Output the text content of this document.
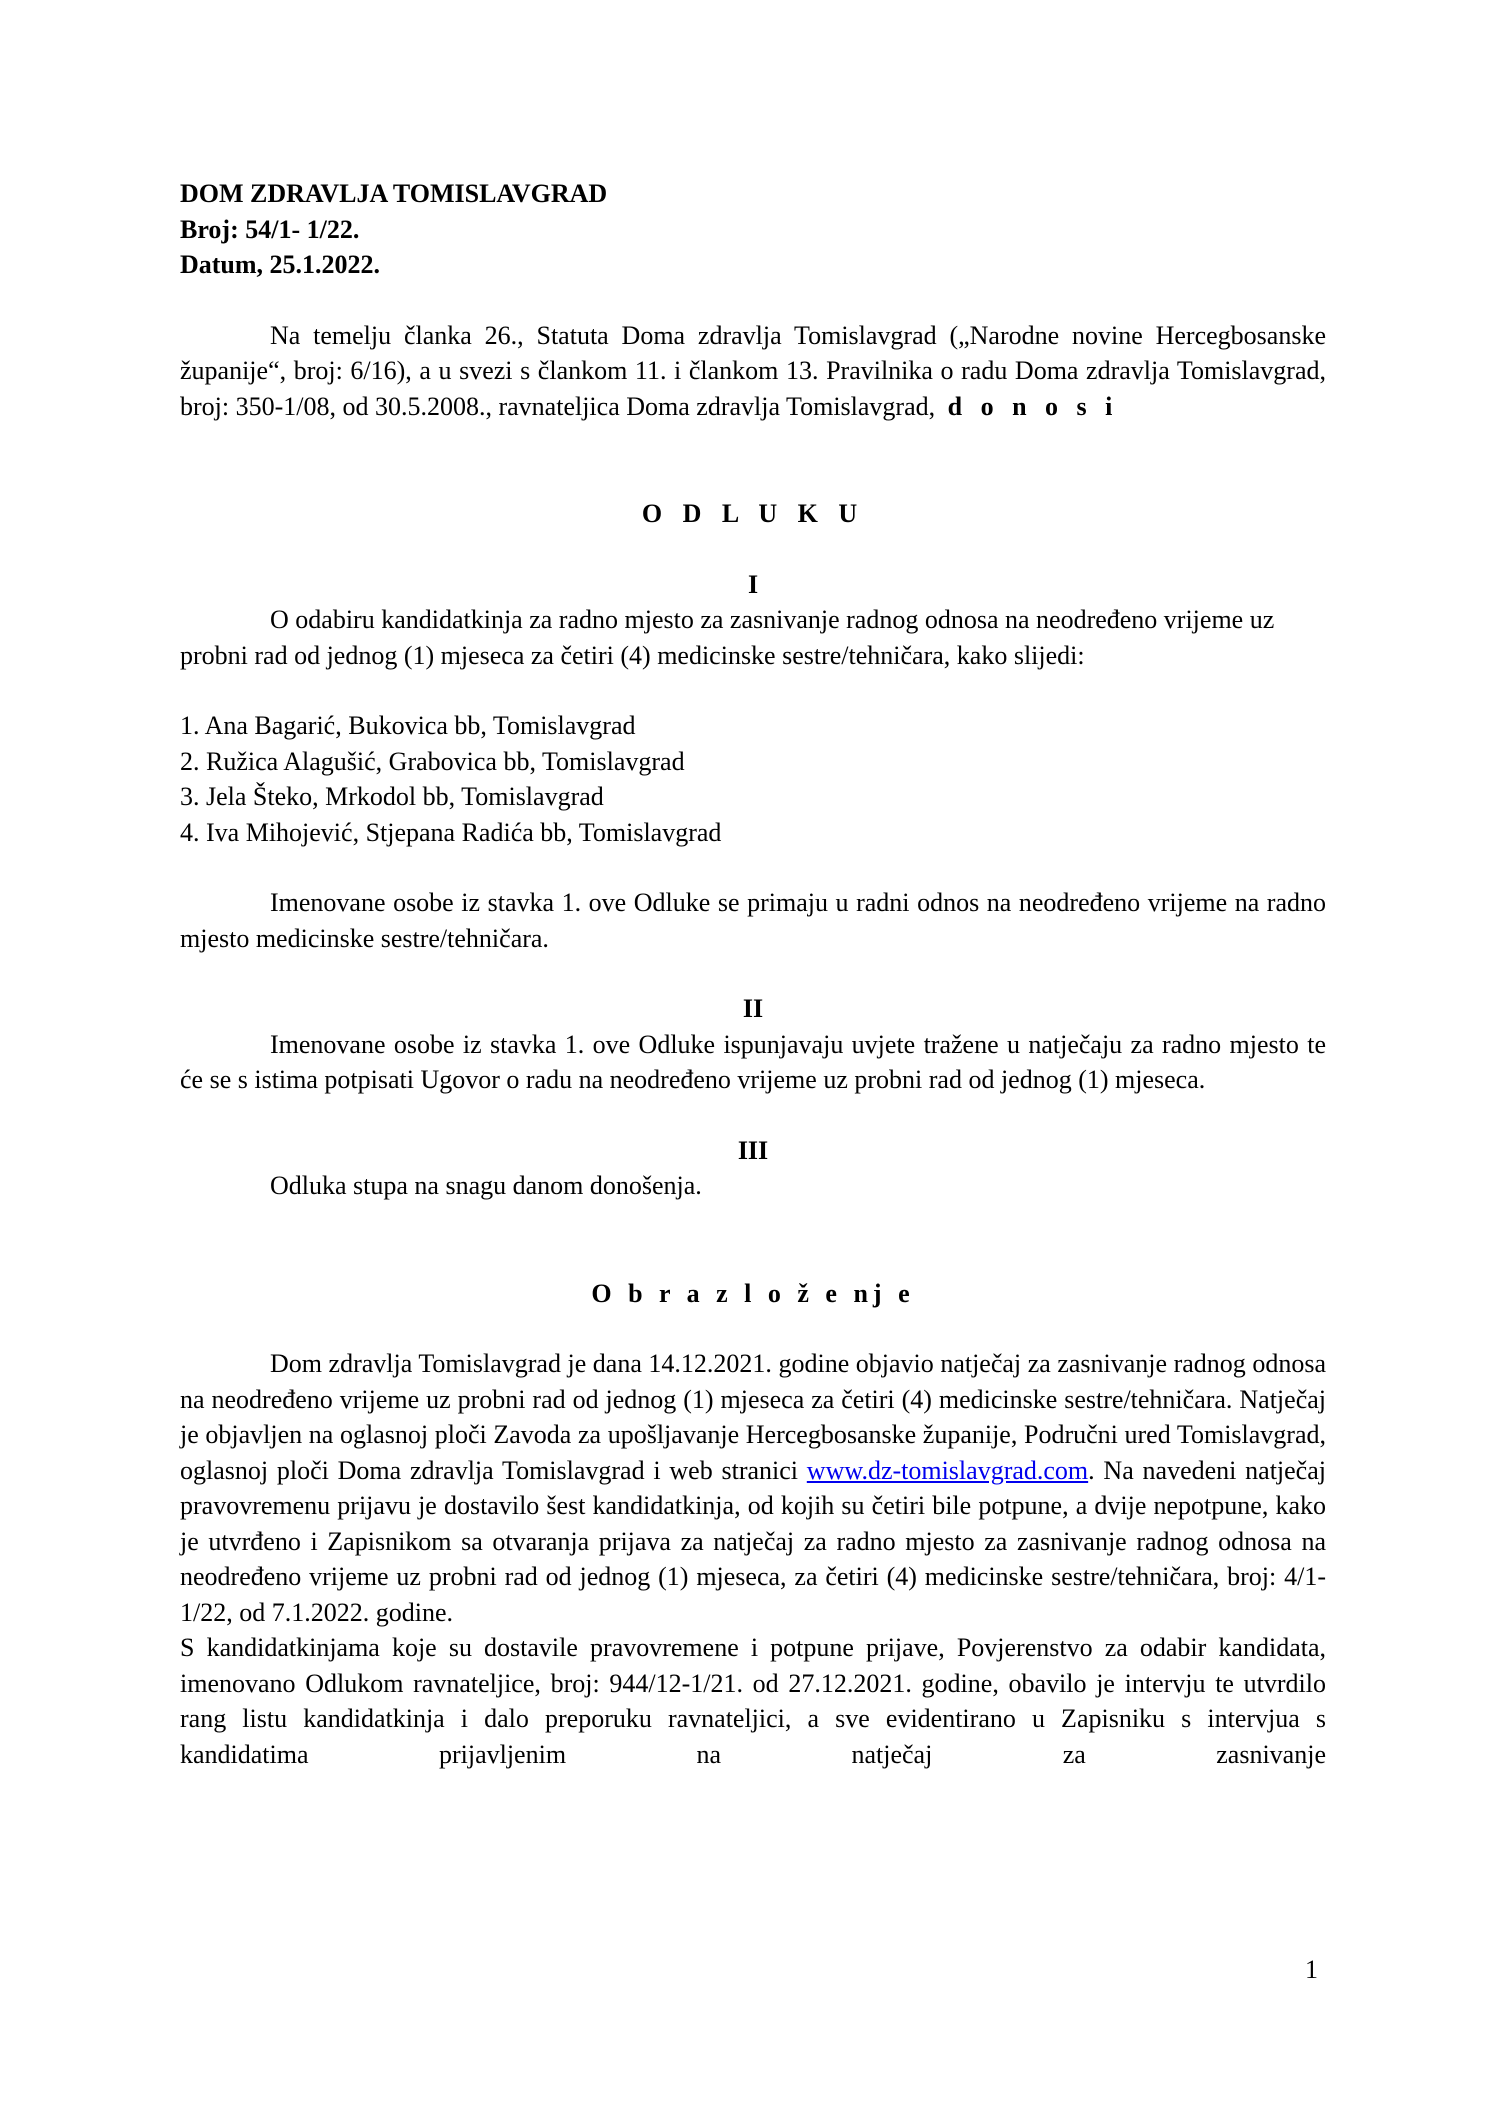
DOM ZDRAVLJA TOMISLAVGRAD
Broj: 54/1- 1/22.
Datum, 25.1.2022.

Na temelju članka 26., Statuta Doma zdravlja Tomislavgrad („Narodne novine Hercegbosanske županije“, broj: 6/16), a u svezi s člankom 11. i člankom 13. Pravilnika o radu Doma zdravlja Tomislavgrad, broj: 350-1/08, od 30.5.2008., ravnateljica Doma zdravlja Tomislavgrad, d o n o s i

O D L U K U
I

O odabiru kandidatkinja za radno mjesto za zasnivanje radnog odnosa na neodređeno vrijeme uz probni rad od jednog (1) mjeseca za četiri (4) medicinske sestre/tehničara, kako slijedi:

1. Ana Bagarić, Bukovica bb, Tomislavgrad
2. Ružica Alagušić, Grabovica bb, Tomislavgrad
3. Jela Šteko, Mrkodol bb, Tomislavgrad
4. Iva Mihojević, Stjepana Radića bb, Tomislavgrad

Imenovane osobe iz stavka 1. ove Odluke se primaju u radni odnos na neodređeno vrijeme na radno mjesto medicinske sestre/tehničara.

II

Imenovane osobe iz stavka 1. ove Odluke ispunjavaju uvjete tražene u natječaju za radno mjesto te će se s istima potpisati Ugovor o radu na neodređeno vrijeme uz probni rad od jednog (1) mjeseca.

III

Odluka stupa na snagu danom donošenja.

O b r a z l o ž e nj e

Dom zdravlja Tomislavgrad je dana 14.12.2021. godine objavio natječaj za zasnivanje radnog odnosa na neodređeno vrijeme uz probni rad od jednog (1) mjeseca za četiri (4) medicinske sestre/tehničara. Natječaj je objavljen na oglasnoj ploči Zavoda za upošljavanje Hercegbosanske županije, Područni ured Tomislavgrad, oglasnoj ploči Doma zdravlja Tomislavgrad i web stranici www.dz-tomislavgrad.com. Na navedeni natječaj pravovremenu prijavu je dostavilo šest kandidatkinja, od kojih su četiri bile potpune, a dvije nepotpune, kako je utvrđeno i Zapisnikom sa otvaranja prijava za natječaj za radno mjesto za zasnivanje radnog odnosa na neodređeno vrijeme uz probni rad od jednog (1) mjeseca, za četiri (4) medicinske sestre/tehničara, broj: 4/1-1/22, od 7.1.2022. godine.

S kandidatkinjama koje su dostavile pravovremene i potpune prijave, Povjerenstvo za odabir kandidata, imenovano Odlukom ravnateljice, broj: 944/12-1/21. od 27.12.2021. godine, obavilo je intervju te utvrdilo rang listu kandidatkinja i dalo preporuku ravnateljici, a sve evidentirano u Zapisniku s intervjua s kandidatima prijavljenim na natječaj za zasnivanje

1
